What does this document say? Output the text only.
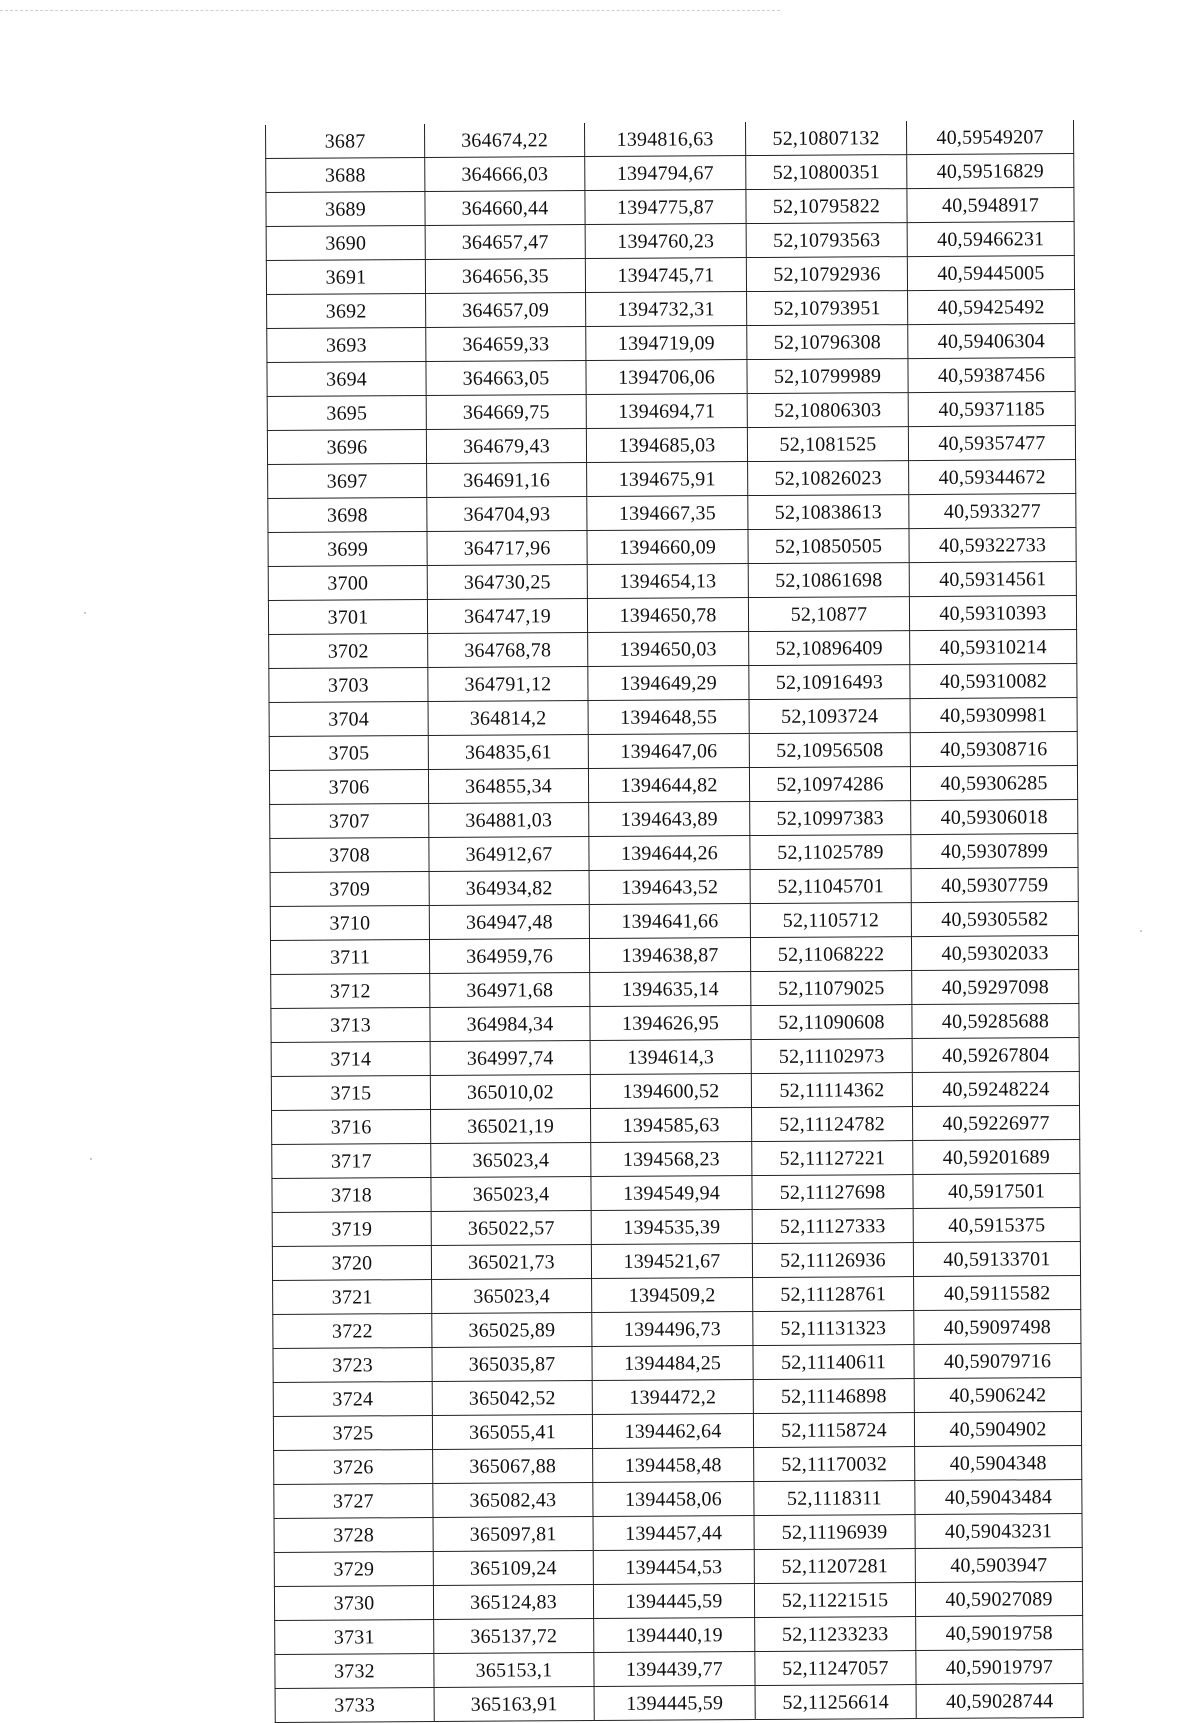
3687	364674,22	1394816,63	52,10807132	40,59549207
3688	364666,03	1394794,67	52,10800351	40,59516829
3689	364660,44	1394775,87	52,10795822	40,5948917
3690	364657,47	1394760,23	52,10793563	40,59466231
3691	364656,35	1394745,71	52,10792936	40,59445005
3692	364657,09	1394732,31	52,10793951	40,59425492
3693	364659,33	1394719,09	52,10796308	40,59406304
3694	364663,05	1394706,06	52,10799989	40,59387456
3695	364669,75	1394694,71	52,10806303	40,59371185
3696	364679,43	1394685,03	52,1081525	40,59357477
3697	364691,16	1394675,91	52,10826023	40,59344672
3698	364704,93	1394667,35	52,10838613	40,5933277
3699	364717,96	1394660,09	52,10850505	40,59322733
3700	364730,25	1394654,13	52,10861698	40,59314561
3701	364747,19	1394650,78	52,10877	40,59310393
3702	364768,78	1394650,03	52,10896409	40,59310214
3703	364791,12	1394649,29	52,10916493	40,59310082
3704	364814,2	1394648,55	52,1093724	40,59309981
3705	364835,61	1394647,06	52,10956508	40,59308716
3706	364855,34	1394644,82	52,10974286	40,59306285
3707	364881,03	1394643,89	52,10997383	40,59306018
3708	364912,67	1394644,26	52,11025789	40,59307899
3709	364934,82	1394643,52	52,11045701	40,59307759
3710	364947,48	1394641,66	52,1105712	40,59305582
3711	364959,76	1394638,87	52,11068222	40,59302033
3712	364971,68	1394635,14	52,11079025	40,59297098
3713	364984,34	1394626,95	52,11090608	40,59285688
3714	364997,74	1394614,3	52,11102973	40,59267804
3715	365010,02	1394600,52	52,11114362	40,59248224
3716	365021,19	1394585,63	52,11124782	40,59226977
3717	365023,4	1394568,23	52,11127221	40,59201689
3718	365023,4	1394549,94	52,11127698	40,5917501
3719	365022,57	1394535,39	52,11127333	40,5915375
3720	365021,73	1394521,67	52,11126936	40,59133701
3721	365023,4	1394509,2	52,11128761	40,59115582
3722	365025,89	1394496,73	52,11131323	40,59097498
3723	365035,87	1394484,25	52,11140611	40,59079716
3724	365042,52	1394472,2	52,11146898	40,5906242
3725	365055,41	1394462,64	52,11158724	40,5904902
3726	365067,88	1394458,48	52,11170032	40,5904348
3727	365082,43	1394458,06	52,1118311	40,59043484
3728	365097,81	1394457,44	52,11196939	40,59043231
3729	365109,24	1394454,53	52,11207281	40,5903947
3730	365124,83	1394445,59	52,11221515	40,59027089
3731	365137,72	1394440,19	52,11233233	40,59019758
3732	365153,1	1394439,77	52,11247057	40,59019797
3733	365163,91	1394445,59	52,11256614	40,59028744
